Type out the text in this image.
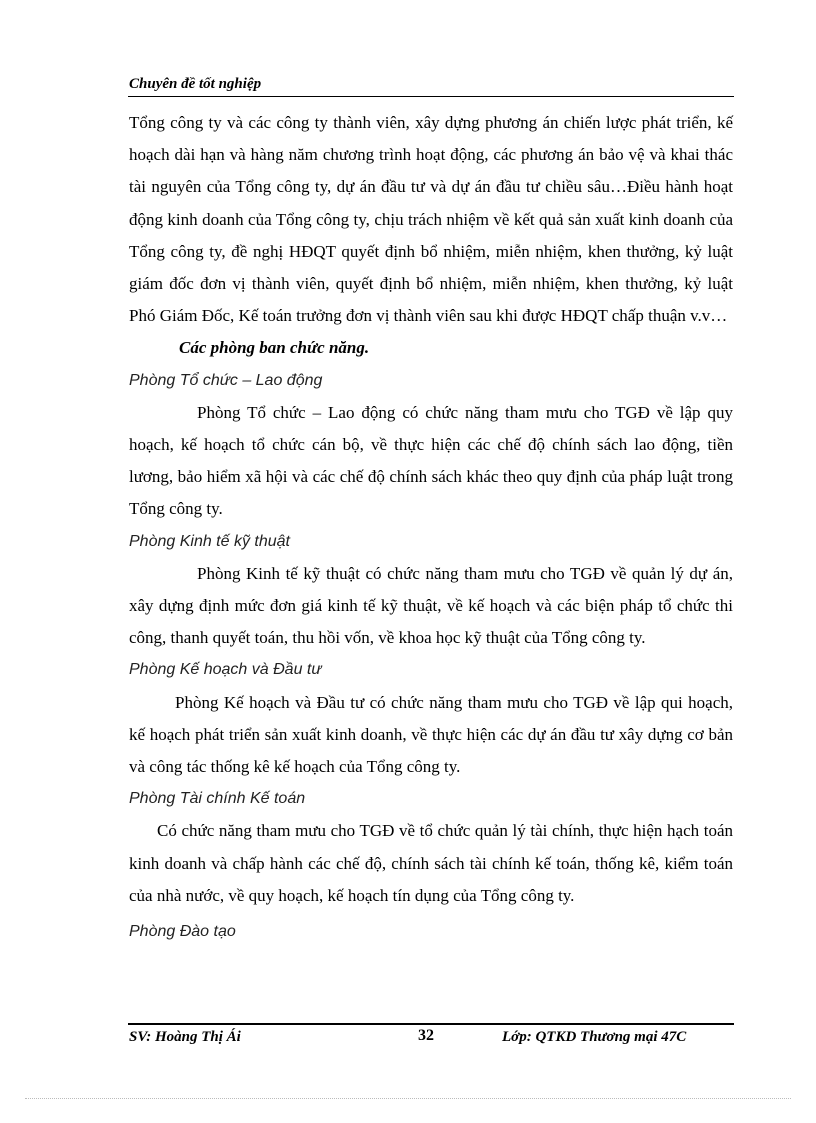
Chuyên đề tốt nghiệp

Tổng công ty và các công ty thành viên, xây dựng phương án chiến lược phát triển, kế hoạch dài hạn và hàng năm chương trình hoạt động, các phương án bảo vệ và khai thác tài nguyên của Tổng công ty, dự án đầu tư và dự án đầu tư chiều sâu…Điều hành hoạt động kinh doanh của Tổng công ty, chịu trách nhiệm về kết quả sản xuất kinh doanh của Tổng công ty, đề nghị HĐQT quyết định bổ nhiệm, miễn nhiệm, khen thưởng, kỷ luật giám đốc đơn vị thành viên, quyết định bổ nhiệm, miễn nhiệm, khen thưởng, kỷ luật Phó Giám Đốc, Kế toán trưởng đơn vị thành viên sau khi được HĐQT chấp thuận v.v…

Các phòng ban chức năng.

Phòng Tổ chức – Lao động

Phòng Tổ chức – Lao động có chức năng tham mưu cho TGĐ về lập quy hoạch, kế hoạch tổ chức cán bộ, về thực hiện các chế độ chính sách lao động, tiền lương, bảo hiểm xã hội và các chế độ chính sách khác theo quy định của pháp luật trong Tổng công ty.

Phòng Kinh tế kỹ thuật

Phòng Kinh tế kỹ thuật có chức năng tham mưu cho TGĐ về quản lý dự án, xây dựng định mức đơn giá kinh tế kỹ thuật, về kế hoạch và các biện pháp tổ chức thi công, thanh quyết toán, thu hồi vốn, về khoa học kỹ thuật của Tổng công ty.

Phòng Kế hoạch và Đầu tư

Phòng Kế hoạch và Đầu tư có chức năng tham mưu cho TGĐ về lập qui hoạch, kế hoạch phát triển sản xuất kinh doanh, về thực hiện các dự án đầu tư xây dựng cơ bản và công tác thống kê kế hoạch của Tổng công ty.

Phòng Tài chính Kế toán

Có chức năng tham mưu cho TGĐ về tổ chức quản lý tài chính, thực hiện hạch toán kinh doanh và chấp hành các chế độ, chính sách tài chính kế toán, thống kê, kiểm toán của nhà nước, về quy hoạch, kế hoạch tín dụng của Tổng công ty.

Phòng Đào tạo

SV: Hoàng Thị Ái	32	Lớp: QTKD Thương mại 47C
